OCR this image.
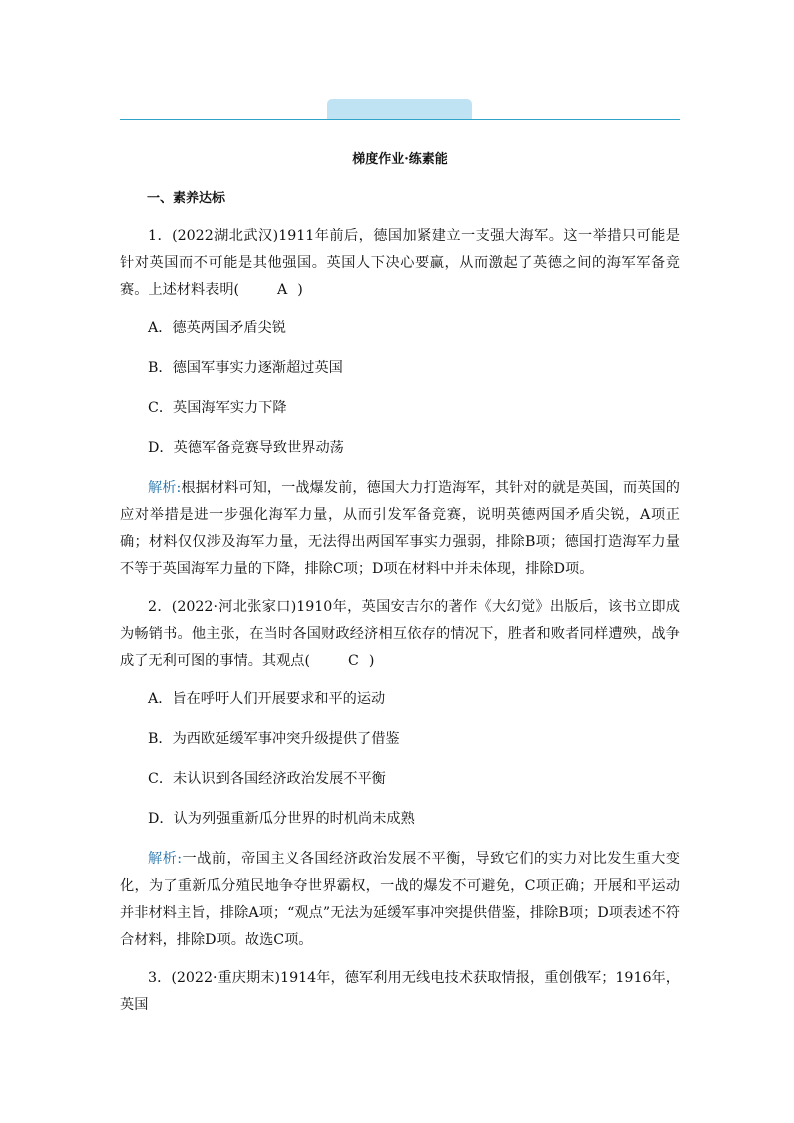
梯度作业·练素能
一、素养达标
1．(2022湖北武汉)1911年前后，德国加紧建立一支强大海军。这一举措只可能是针对英国而不可能是其他强国。英国人下决心要赢，从而激起了英德之间的海军军备竞赛。上述材料表明(	A )
A．德英两国矛盾尖锐
B．德国军事实力逐渐超过英国
C．英国海军实力下降
D．英德军备竞赛导致世界动荡
解析:根据材料可知，一战爆发前，德国大力打造海军，其针对的就是英国，而英国的应对举措是进一步强化海军力量，从而引发军备竞赛，说明英德两国矛盾尖锐，A项正确；材料仅仅涉及海军力量，无法得出两国军事实力强弱，排除B项；德国打造海军力量不等于英国海军力量的下降，排除C项；D项在材料中并未体现，排除D项。
2．(2022·河北张家口)1910年，英国安吉尔的著作《大幻觉》出版后，该书立即成为畅销书。他主张，在当时各国财政经济相互依存的情况下，胜者和败者同样遭殃，战争成了无利可图的事情。其观点(	C )
A．旨在呼吁人们开展要求和平的运动
B．为西欧延缓军事冲突升级提供了借鉴
C．未认识到各国经济政治发展不平衡
D．认为列强重新瓜分世界的时机尚未成熟
解析:一战前，帝国主义各国经济政治发展不平衡，导致它们的实力对比发生重大变化，为了重新瓜分殖民地争夺世界霸权，一战的爆发不可避免，C项正确；开展和平运动并非材料主旨，排除A项；“观点”无法为延缓军事冲突提供借鉴，排除B项；D项表述不符合材料，排除D项。故选C项。
3．(2022·重庆期末)1914年，德军利用无线电技术获取情报，重创俄军；1916年，英国
